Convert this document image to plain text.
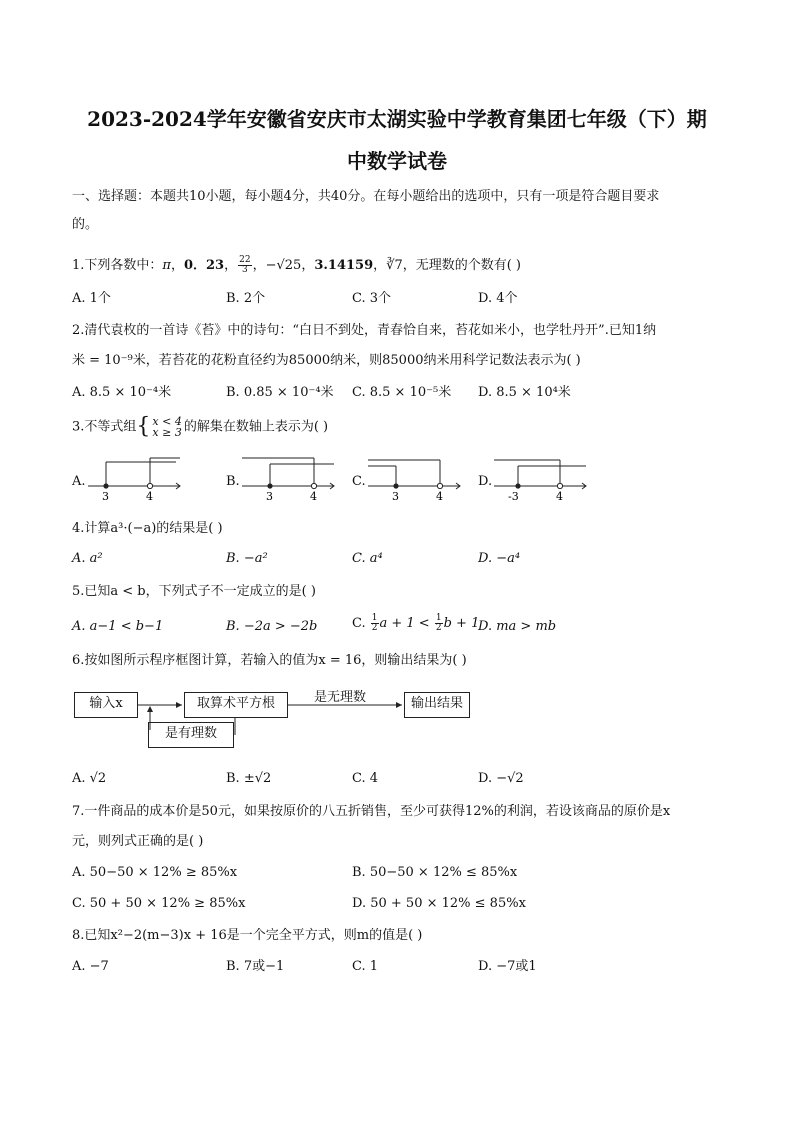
2023-2024学年安徽省安庆市太湖实验中学教育集团七年级（下）期
中数学试卷
一、选择题：本题共10小题，每小题4分，共40分。在每小题给出的选项中，只有一项是符合题目要求
的。
1.下列各数中：π，0．23， $\frac{22}{3}$ ，−√25，3.14159，∛7，无理数的个数有( )
A. 1个	B. 2个	C. 3个	D. 4个
2.清代袁枚的一首诗《苔》中的诗句：“白日不到处，青春恰自来，苔花如米小，也学牡丹开”.已知1纳
米 = 10⁻⁹米，若苔花的花粉直径约为85000纳米，则85000纳米用科学记数法表示为( )
A. 8.5 × 10⁻⁴米	B. 0.85 × 10⁻⁴米 C. 8.5 × 10⁻⁵米 D. 8.5 × 10⁴米
3.不等式组{ x < 4
x ≥ 3 的解集在数轴上表示为( )
A.	B.	C.	D.
3	4	3	4	3	4	-3	4
4.计算a³·(−a)的结果是( )
A. a²	B. −a²	C. a⁴	D. −a⁴
5.已知a < b，下列式子不一定成立的是( )
A. a−1 < b−1	B. −2a > −2b	C. $\frac{1}{2}$ $a + 1 < \frac{1}{2}$ b + 1
D. ma > mb
6.按如图所示程序框图计算，若输入的值为x = 16，则输出结果为( )
输入x	取算术平方根	输出结果
是有理数
是无理数
A. √2	B. ±√2	C. 4	D. −√2
7.一件商品的成本价是50元，如果按原价的八五折销售，至少可获得12%的利润，若设该商品的原价是x
元，则列式正确的是( )
A. 50−50 × 12% ≥ 85%x	B. 50−50 × 12% ≤ 85%x
C. 50 + 50 × 12% ≥ 85%x	D. 50 + 50 × 12% ≤ 85%x
8.已知x²−2(m−3)x + 16是一个完全平方式，则m的值是( )
A. −7	B. 7或−1	C. 1	D. −7或1
